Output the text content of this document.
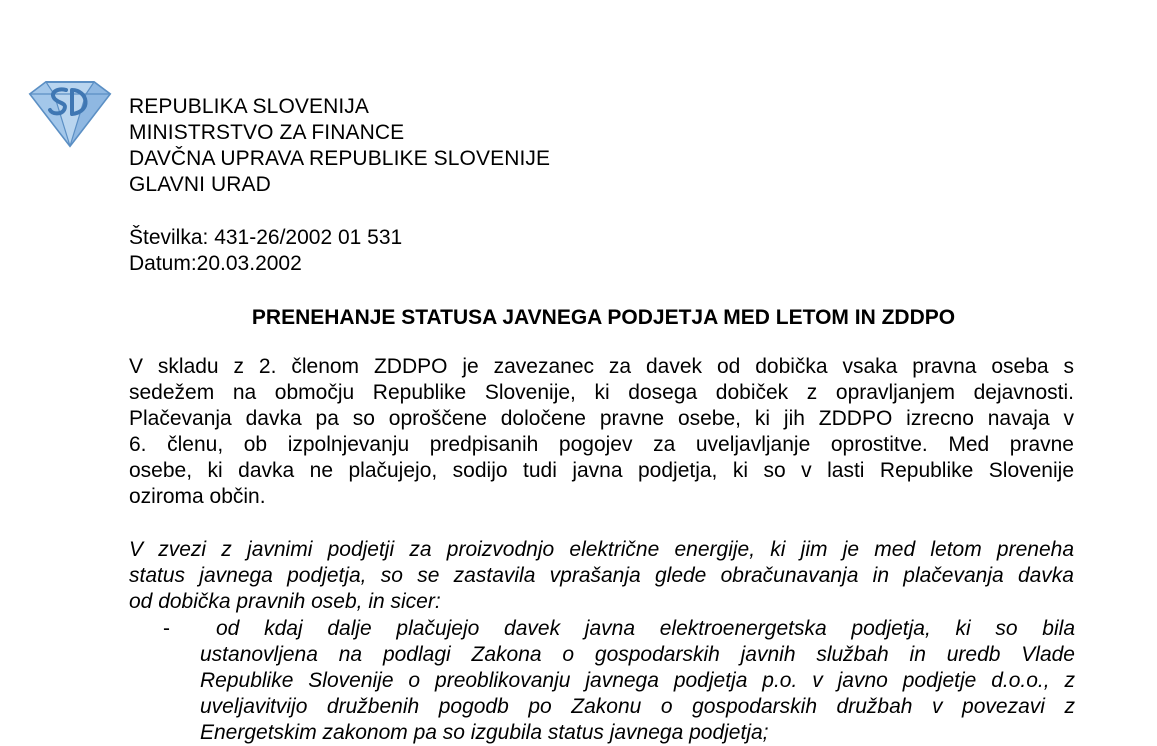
REPUBLIKA SLOVENIJA
MINISTRSTVO ZA FINANCE
DAVČNA UPRAVA REPUBLIKE SLOVENIJE
GLAVNI URAD
Številka: 431-26/2002 01 531
Datum:20.03.2002
PRENEHANJE STATUSA JAVNEGA PODJETJA MED LETOM IN ZDDPO
V skladu z 2. členom ZDDPO je zavezanec za davek od dobička vsaka pravna oseba s
sedežem na območju Republike Slovenije, ki dosega dobiček z opravljanjem dejavnosti.
Plačevanja davka pa so oproščene določene pravne osebe, ki jih ZDDPO izrecno navaja v
6. členu, ob izpolnjevanju predpisanih pogojev za uveljavljanje oprostitve. Med pravne
osebe, ki davka ne plačujejo, sodijo tudi javna podjetja, ki so v lasti Republike Slovenije
oziroma občin.
V zvezi z javnimi podjetji za proizvodnjo električne energije, ki jim je med letom preneha
status javnega podjetja, so se zastavila vprašanja glede obračunavanja in plačevanja davka
od dobička pravnih oseb, in sicer:
-	od kdaj dalje plačujejo davek javna elektroenergetska podjetja, ki so bila
ustanovljena na podlagi Zakona o gospodarskih javnih službah in uredb Vlade
Republike Slovenije o preoblikovanju javnega podjetja p.o. v javno podjetje d.o.o., z
uveljavitvijo družbenih pogodb po Zakonu o gospodarskih družbah v povezavi z
Energetskim zakonom pa so izgubila status javnega podjetja;
